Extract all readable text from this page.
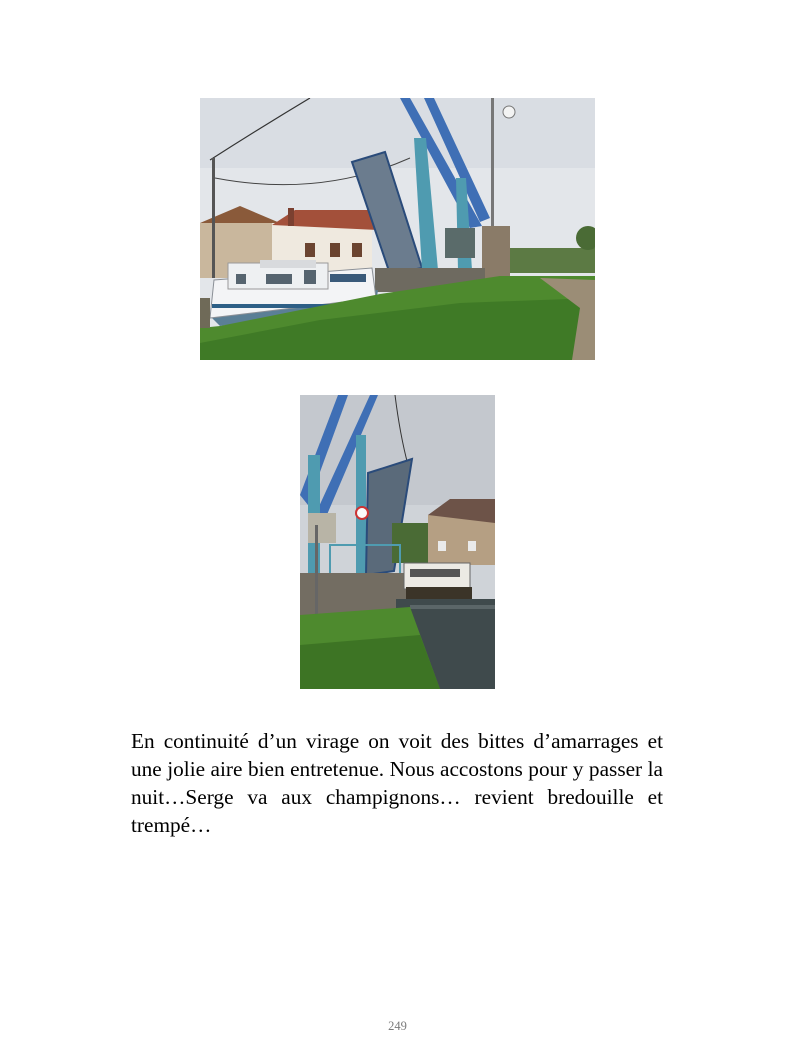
En continuité d’un virage on voit des bittes d’amarrages et une jolie aire bien entretenue. Nous accostons pour y passer la nuit…Serge va aux champignons… revient bredouille et trempé…

249
